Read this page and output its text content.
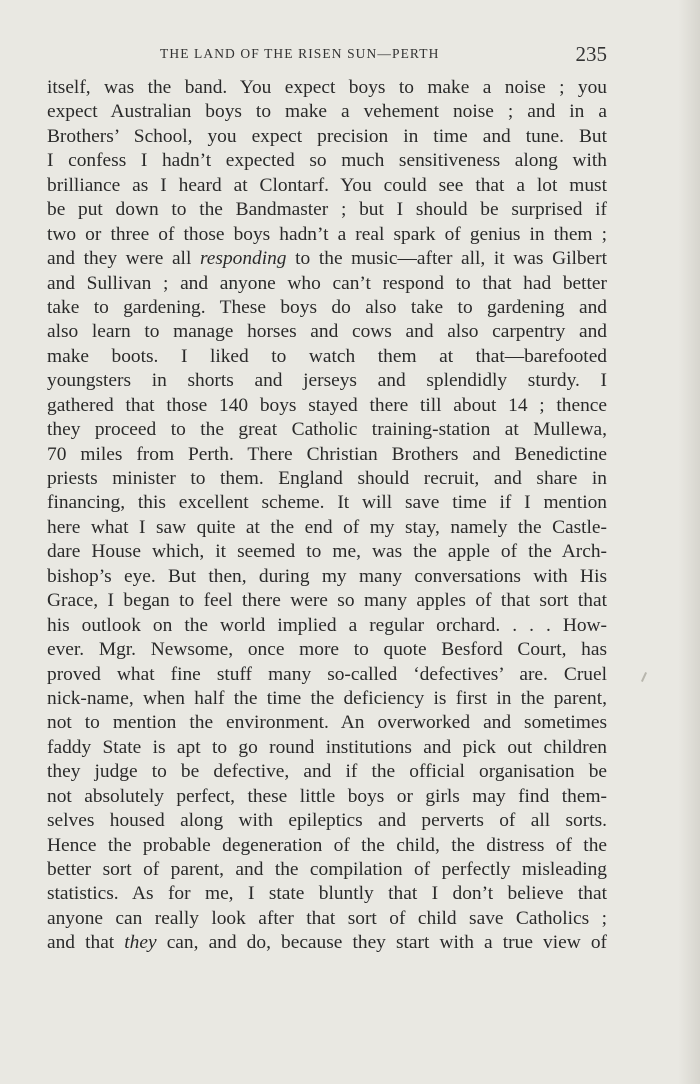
THE LAND OF THE RISEN SUN—PERTH	235
itself, was the band. You expect boys to make a noise ; you
expect Australian boys to make a vehement noise ; and in a
Brothers’ School, you expect precision in time and tune. But
I confess I hadn’t expected so much sensitiveness along with
brilliance as I heard at Clontarf. You could see that a lot must
be put down to the Bandmaster ; but I should be surprised if
two or three of those boys hadn’t a real spark of genius in them ;
and they were all responding to the music—after all, it was Gilbert
and Sullivan ; and anyone who can’t respond to that had better
take to gardening. These boys do also take to gardening and
also learn to manage horses and cows and also carpentry and
make boots. I liked to watch them at that—barefooted
youngsters in shorts and jerseys and splendidly sturdy. I
gathered that those 140 boys stayed there till about 14 ; thence
they proceed to the great Catholic training-station at Mullewa,
70 miles from Perth. There Christian Brothers and Benedictine
priests minister to them. England should recruit, and share in
financing, this excellent scheme. It will save time if I mention
here what I saw quite at the end of my stay, namely the Castle-
dare House which, it seemed to me, was the apple of the Arch-
bishop’s eye. But then, during my many conversations with His
Grace, I began to feel there were so many apples of that sort that
his outlook on the world implied a regular orchard. . . . How-
ever. Mgr. Newsome, once more to quote Besford Court, has
proved what fine stuff many so-called ‘defectives’ are. Cruel
nick-name, when half the time the deficiency is first in the parent,
not to mention the environment. An overworked and sometimes
faddy State is apt to go round institutions and pick out children
they judge to be defective, and if the official organisation be
not absolutely perfect, these little boys or girls may find them-
selves housed along with epileptics and perverts of all sorts.
Hence the probable degeneration of the child, the distress of the
better sort of parent, and the compilation of perfectly misleading
statistics. As for me, I state bluntly that I don’t believe that
anyone can really look after that sort of child save Catholics ;
and that they can, and do, because they start with a true view of
